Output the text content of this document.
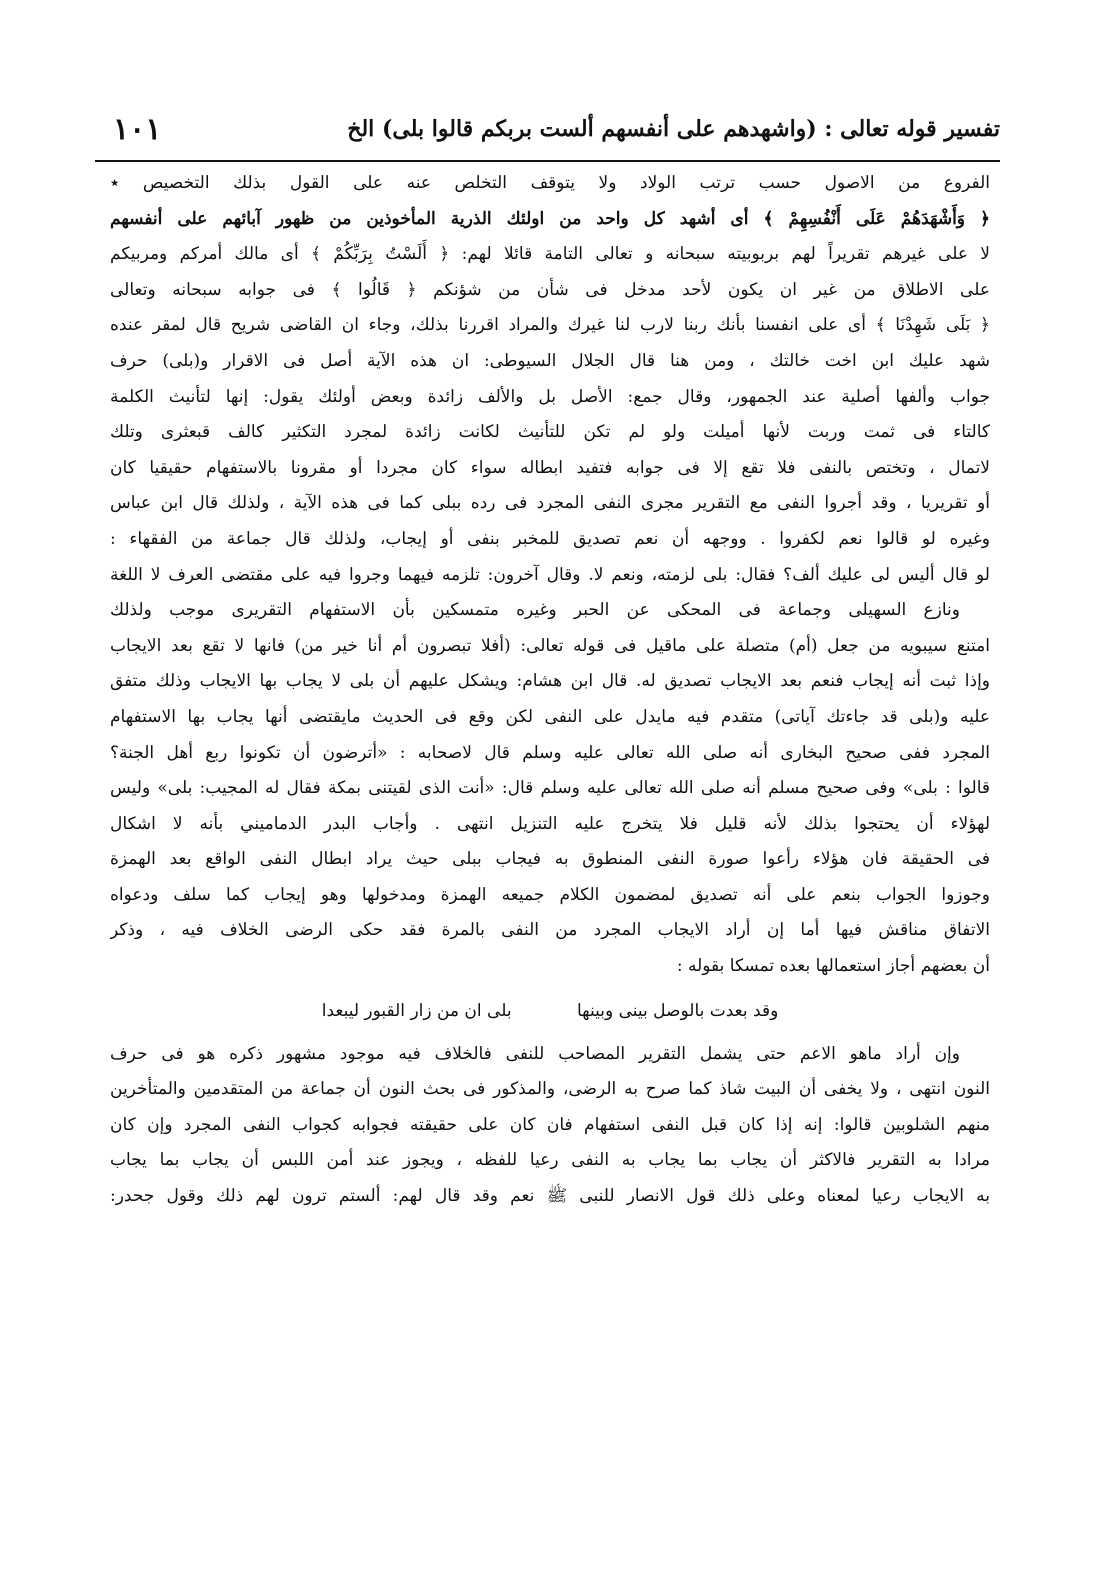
تفسير قوله تعالى : (واشهدهم على أنفسهم ألست بربكم قالوا بلى) الخ
١٠١
الفروع من الاصول حسب ترتب الولاد ولا يتوقف التخلص عنه على القول بذلك التخصيص ٭
﴿ وَأَشْهَدَهُمْ عَلَى أَنْفُسِهِمْ ﴾ أى أشهد كل واحد من اولئك الذرية المأخوذين من ظهور آبائهم على أنفسهم
لا على غيرهم تقريراً لهم بربوبيته سبحانه و تعالى التامة قائلا لهم: ﴿ أَلَسْتُ بِرَبِّكُمْ ﴾ أى مالك أمركم ومربيكم
على الاطلاق من غير ان يكون لأحد مدخل فى شأن من شؤنكم ﴿ قَالُوا ﴾ فى جوابه سبحانه وتعالى
﴿ بَلَى شَهِدْنَا ﴾ أى على انفسنا بأنك ربنا لارب لنا غيرك والمراد اقررنا بذلك، وجاء ان القاضى شريح قال لمقر عنده
شهد عليك ابن اخت خالتك ، ومن هنا قال الجلال السيوطى: ان هذه الآية أصل فى الاقرار و(بلى) حرف
جواب وألفها أصلية عند الجمهور، وقال جمع: الأصل بل والألف زائدة وبعض أولئك يقول: إنها لتأنيث الكلمة
كالتاء فى ثمت وربت لأنها أميلت ولو لم تكن للتأنيث لكانت زائدة لمجرد التكثير كالف قبعثرى وتلك
لاتمال ، وتختص بالنفى فلا تقع إلا فى جوابه فتفيد ابطاله سواء كان مجردا أو مقرونا بالاستفهام حقيقيا كان
أو تقريريا ، وقد أجروا النفى مع التقرير مجرى النفى المجرد فى رده ببلى كما فى هذه الآية ، ولذلك قال ابن عباس
وغيره لو قالوا نعم لكفروا . ووجهه أن نعم تصديق للمخبر بنفى أو إيجاب، ولذلك قال جماعة من الفقهاء :
لو قال أليس لى عليك ألف؟ فقال: بلى لزمته، ونعم لا. وقال آخرون: تلزمه فيهما وجروا فيه على مقتضى العرف لا اللغة
ونازع السهيلى وجماعة فى المحكى عن الحبر وغيره متمسكين بأن الاستفهام التقريرى موجب ولذلك
امتنع سيبويه من جعل (أم) متصلة على ماقيل فى قوله تعالى: (أفلا تبصرون أم أنا خير من) فانها لا تقع بعد الايجاب
وإذا ثبت أنه إيجاب فنعم بعد الايجاب تصديق له. قال ابن هشام: ويشكل عليهم أن بلى لا يجاب بها الايجاب وذلك متفق
عليه و(بلى قد جاءتك آياتى) متقدم فيه مايدل على النفى لكن وقع فى الحديث مايقتضى أنها يجاب بها الاستفهام
المجرد ففى صحيح البخارى أنه صلى الله تعالى عليه وسلم قال لاصحابه : «أترضون أن تكونوا ربع أهل الجنة؟
قالوا : بلى» وفى صحيح مسلم أنه صلى الله تعالى عليه وسلم قال: «أنت الذى لقيتنى بمكة فقال له المجيب: بلى» وليس
لهؤلاء أن يحتجوا بذلك لأنه قليل فلا يتخرج عليه التنزيل انتهى . وأجاب البدر الدماميني بأنه لا اشكال
فى الحقيقة فان هؤلاء رأعوا صورة النفى المنطوق به فيجاب ببلى حيث يراد ابطال النفى الواقع بعد الهمزة
وجوزوا الجواب بنعم على أنه تصديق لمضمون الكلام جميعه الهمزة ومدخولها وهو إيجاب كما سلف ودعواه
الاتفاق مناقش فيها أما إن أراد الايجاب المجرد من النفى بالمرة فقد حكى الرضى الخلاف فيه ، وذكر
أن بعضهم أجاز استعمالها بعده تمسكا بقوله :
وقد بعدت بالوصل بينى وبينها بلى ان من زار القبور ليبعدا
وإن أراد ماهو الاعم حتى يشمل التقرير المصاحب للنفى فالخلاف فيه موجود مشهور ذكره هو فى حرف
النون انتهى ، ولا يخفى أن البيت شاذ كما صرح به الرضى، والمذكور فى بحث النون أن جماعة من المتقدمين والمتأخرين
منهم الشلوبين قالوا: إنه إذا كان قبل النفى استفهام فان كان على حقيقته فجوابه كجواب النفى المجرد وإن كان
مرادا به التقرير فالاكثر أن يجاب بما يجاب به النفى رعيا للفظه ، ويجوز عند أمن اللبس أن يجاب بما يجاب
به الايجاب رعيا لمعناه وعلى ذلك قول الانصار للنبى ﷺ نعم وقد قال لهم: ألستم ترون لهم ذلك وقول جحدر:
